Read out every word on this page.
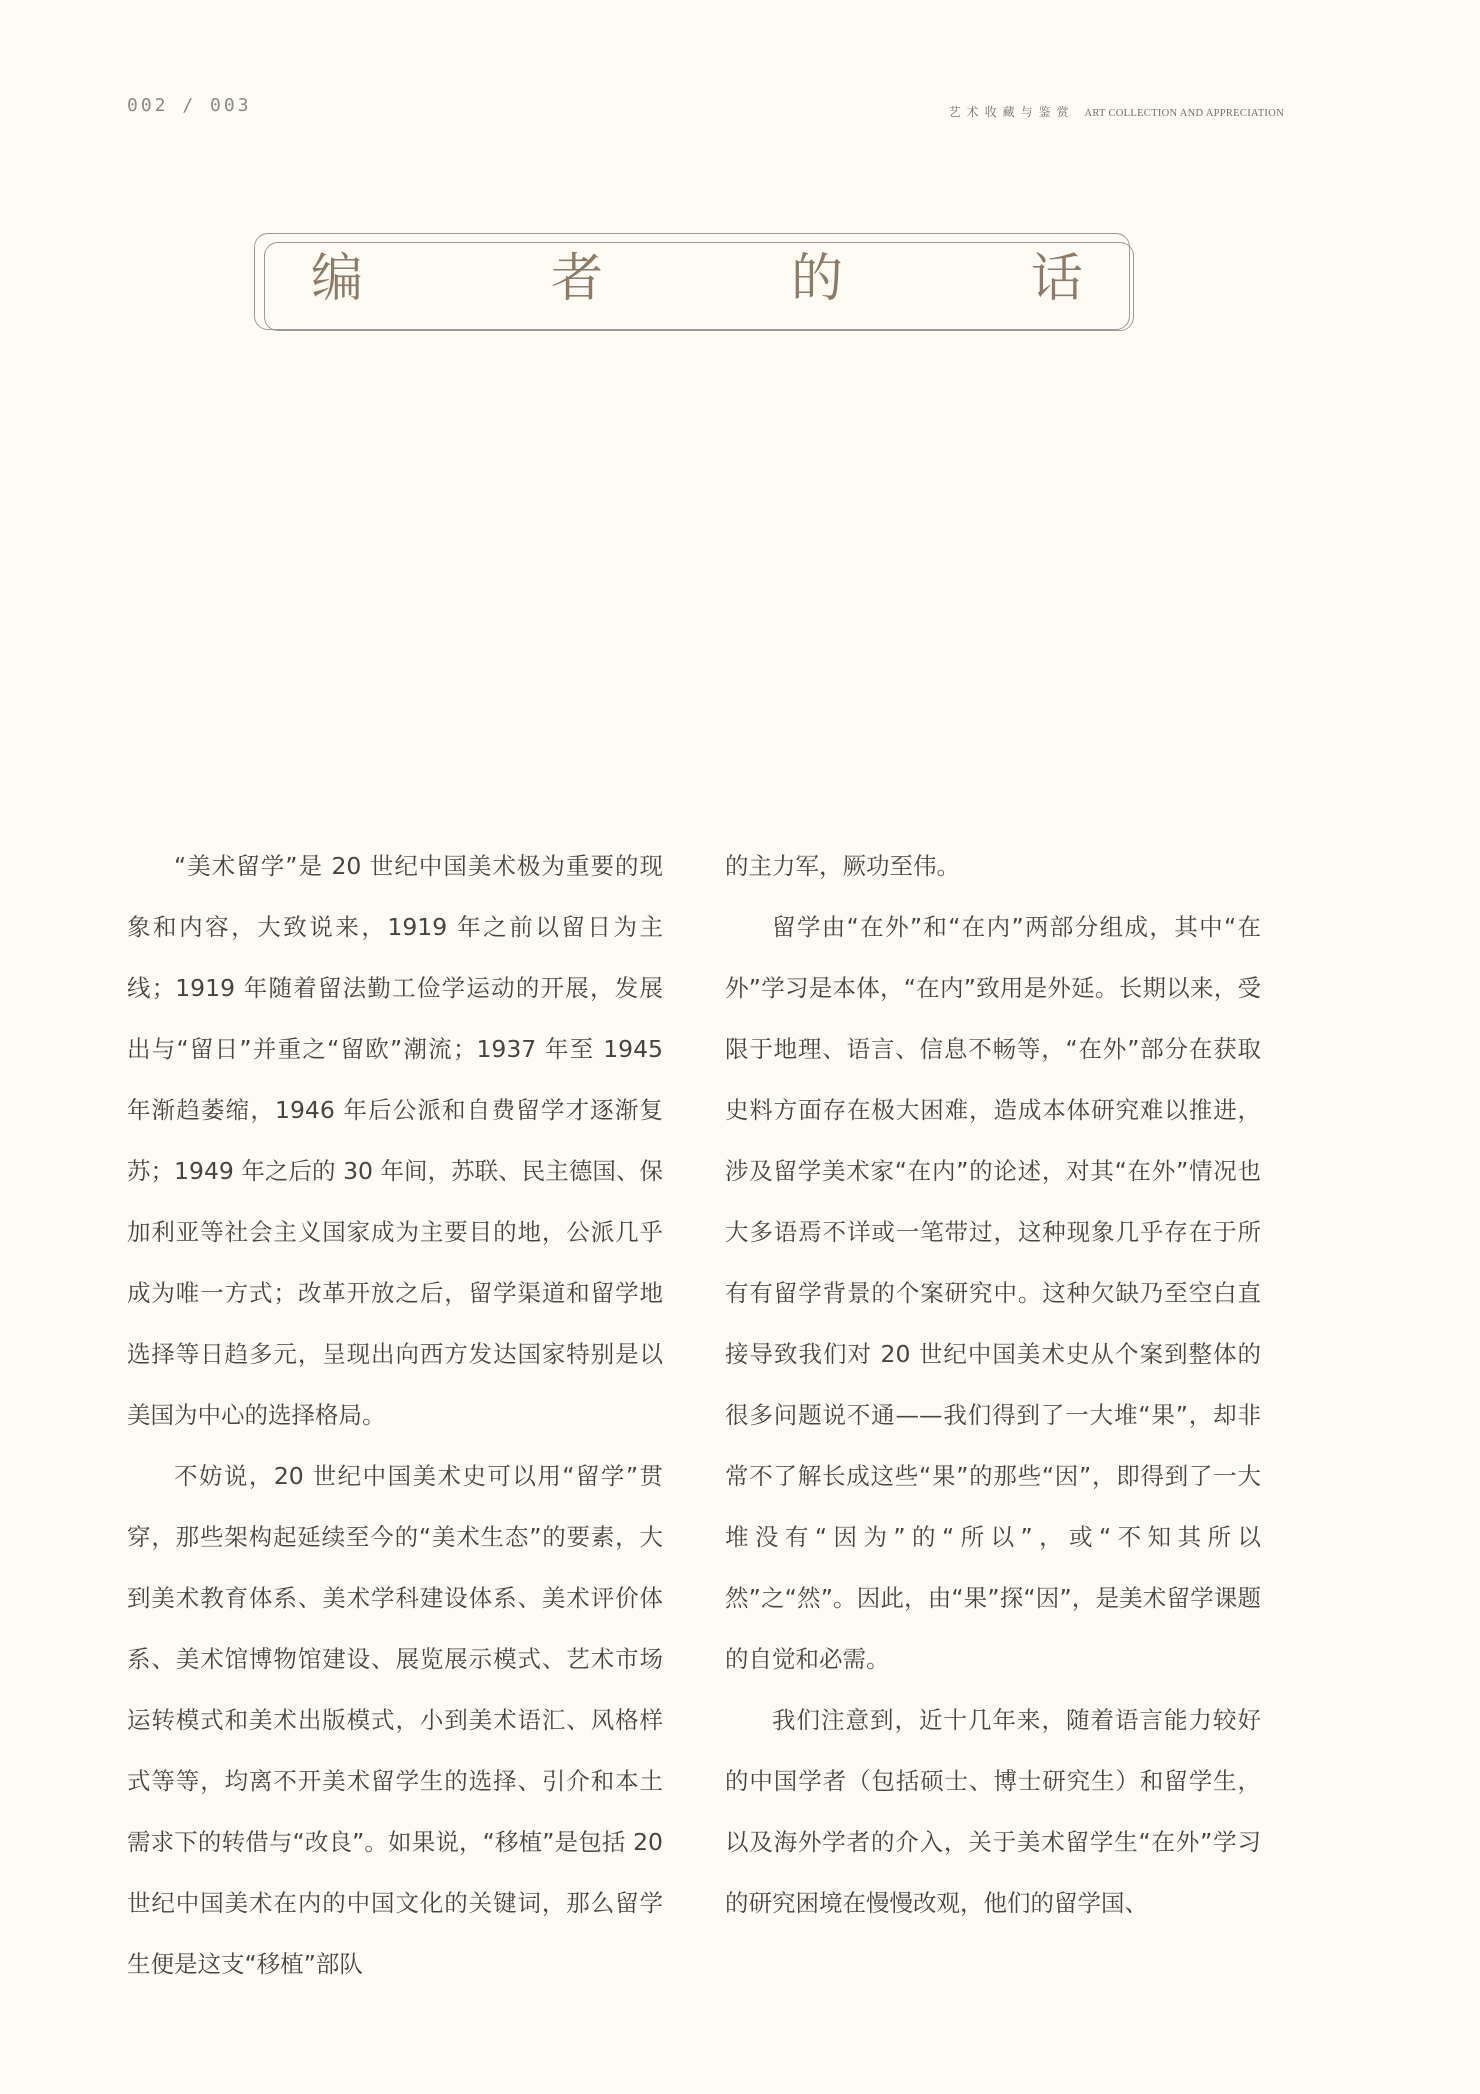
002 / 003	艺术收藏与鉴赏 ART COLLECTION AND APPRECIATION
编	者	的	话

“美术留学”是 20 世纪中国美术极为重要的现象和内容，大致说来，1919 年之前以留日为主线；1919 年随着留法勤工俭学运动的开展，发展出与“留日”并重之“留欧”潮流；1937 年至 1945 年渐趋萎缩，1946 年后公派和自费留学才逐渐复苏；1949 年之后的 30 年间，苏联、民主德国、保加利亚等社会主义国家成为主要目的地，公派几乎成为唯一方式；改革开放之后，留学渠道和留学地选择等日趋多元，呈现出向西方发达国家特别是以美国为中心的选择格局。

不妨说，20 世纪中国美术史可以用“留学”贯穿，那些架构起延续至今的“美术生态”的要素，大到美术教育体系、美术学科建设体系、美术评价体系、美术馆博物馆建设、展览展示模式、艺术市场运转模式和美术出版模式，小到美术语汇、风格样式等等，均离不开美术留学生的选择、引介和本土需求下的转借与“改良”。如果说，“移植”是包括 20 世纪中国美术在内的中国文化的关键词，那么留学生便是这支“移植”部队

的主力军，厥功至伟。

留学由“在外”和“在内”两部分组成，其中“在外”学习是本体，“在内”致用是外延。长期以来，受限于地理、语言、信息不畅等，“在外”部分在获取史料方面存在极大困难，造成本体研究难以推进，涉及留学美术家“在内”的论述，对其“在外”情况也大多语焉不详或一笔带过，这种现象几乎存在于所有有留学背景的个案研究中。这种欠缺乃至空白直接导致我们对 20 世纪中国美术史从个案到整体的很多问题说不通——我们得到了一大堆“果”，却非常不了解长成这些“果”的那些“因”，即得到了一大堆没有“因为”的“所以”，或“不知其所以然”之“然”。因此，由“果”探“因”，是美术留学课题的自觉和必需。

我们注意到，近十几年来，随着语言能力较好的中国学者（包括硕士、博士研究生）和留学生，以及海外学者的介入，关于美术留学生“在外”学习的研究困境在慢慢改观，他们的留学国、
